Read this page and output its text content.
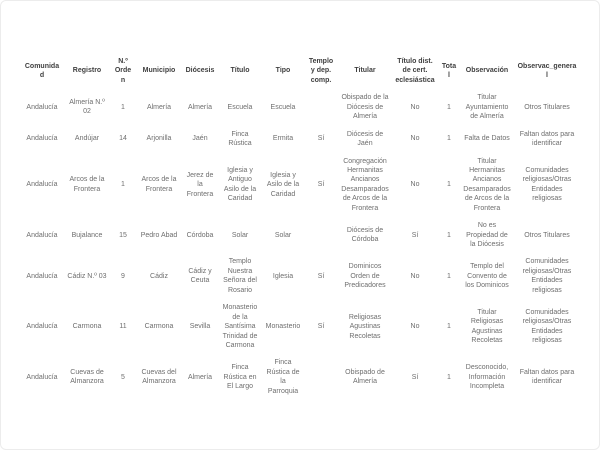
Comunidad	Registro	N.º Orden	Municipio	Diócesis	Título	Tipo	Templo y dep. comp.	Titular	Título dist. de cert. eclesiástica	Total	Observación	Observac_general
Andalucía	Almería N.º 02	1	Almería	Almería	Escuela	Escuela		Obispado de la Diócesis de Almería	No	1	Titular Ayuntamiento de Almería	Otros Titulares
Andalucía	Andújar	14	Arjonilla	Jaén	Finca Rústica	Ermita	Sí	Diócesis de Jaén	No	1	Falta de Datos	Faltan datos para identificar
Andalucía	Arcos de la Frontera	1	Arcos de la Frontera	Jerez de la Frontera	Iglesia y Antiguo Asilo de la Caridad	Iglesia y Asilo de la Caridad	Sí	Congregación Hermanitas Ancianos Desamparados de Arcos de la Frontera	No	1	Titular Hermanitas Ancianos Desamparados de Arcos de la Frontera	Comunidades religiosas/Otras Entidades religiosas
Andalucía	Bujalance	15	Pedro Abad	Córdoba	Solar	Solar		Diócesis de Córdoba	Sí	1	No es Propiedad de la Diócesis	Otros Titulares
Andalucía	Cádiz N.º 03	9	Cádiz	Cádiz y Ceuta	Templo Nuestra Señora del Rosario	Iglesia	Sí	Dominicos Orden de Predicadores	No	1	Templo del Convento de los Dominicos	Comunidades religiosas/Otras Entidades religiosas
Andalucía	Carmona	11	Carmona	Sevilla	Monasterio de la Santísima Trinidad de Carmona	Monasterio	Sí	Religiosas Agustinas Recoletas	No	1	Titular Religiosas Agustinas Recoletas	Comunidades religiosas/Otras Entidades religiosas
Andalucía	Cuevas de Almanzora	5	Cuevas del Almanzora	Almería	Finca Rústica en El Largo	Finca Rústica de la Parroquia		Obispado de Almería	Sí	1	Desconocido, Información Incompleta	Faltan datos para identificar
